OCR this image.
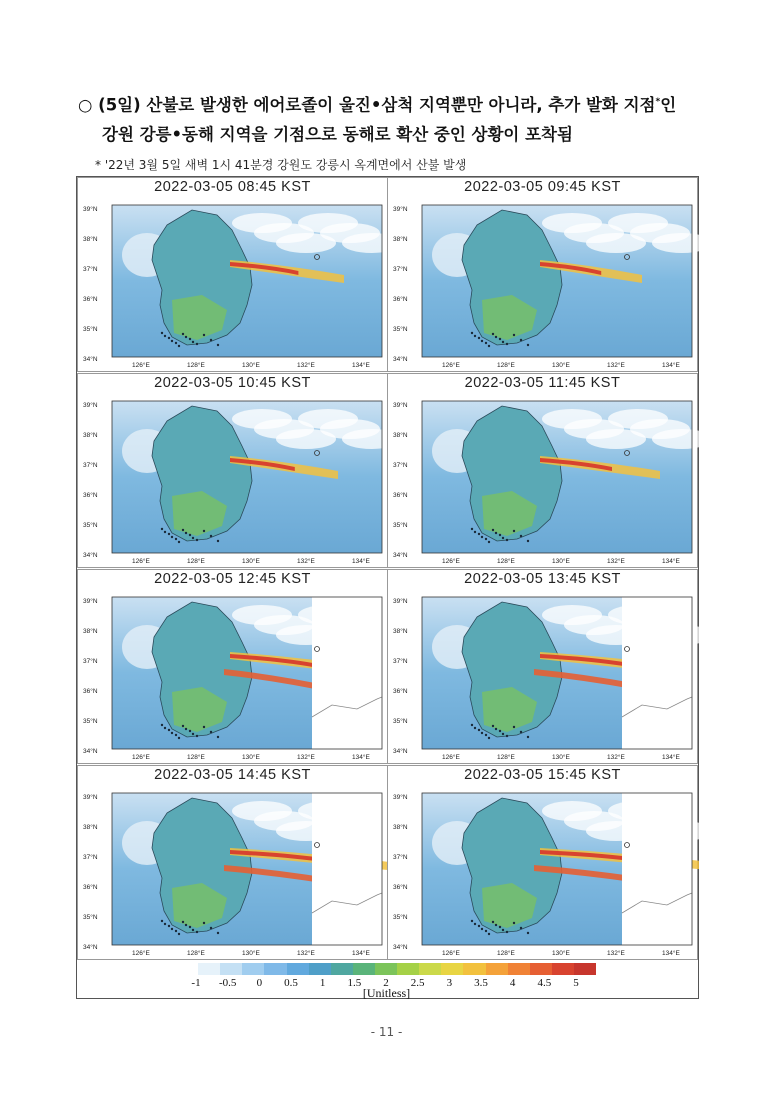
○ (5일) 산불로 발생한 에어로졸이 울진•삼척 지역뿐만 아니라, 추가 발화 지점*인
강원 강릉•동해 지역을 기점으로 동해로 확산 중인 상황이 포착됨
* '22년 3월 5일 새벽 1시 41분경 강원도 강릉시 옥계면에서 산불 발생
-1 -0.5 0 0.5 1 1.5 2 2.5 3 3.5 4 4.5 5
[Unitless]
- 11 -
2022-03-05 08:45 KST
39°N
38°N
37°N
36°N
35°N
34°N
126°E	128°E	130°E	132°E	134°E
2022-03-05 09:45 KST
39°N
38°N
37°N
36°N
35°N
34°N
126°E	128°E	130°E	132°E	134°E
2022-03-05 10:45 KST
39°N
38°N
37°N
36°N
35°N
34°N
126°E	128°E	130°E	132°E	134°E
2022-03-05 11:45 KST
39°N
38°N
37°N
36°N
35°N
34°N
126°E	128°E	130°E	132°E	134°E
2022-03-05 12:45 KST
39°N
38°N
37°N
36°N
35°N
34°N
126°E	128°E	130°E	132°E	134°E
2022-03-05 13:45 KST
39°N
38°N
37°N
36°N
35°N
34°N
126°E	128°E	130°E	132°E	134°E
2022-03-05 14:45 KST
39°N
38°N
37°N
36°N
35°N
34°N
126°E	128°E	130°E	132°E	134°E
2022-03-05 15:45 KST
39°N
38°N
37°N
36°N
35°N
34°N
126°E	128°E	130°E	132°E	134°E
